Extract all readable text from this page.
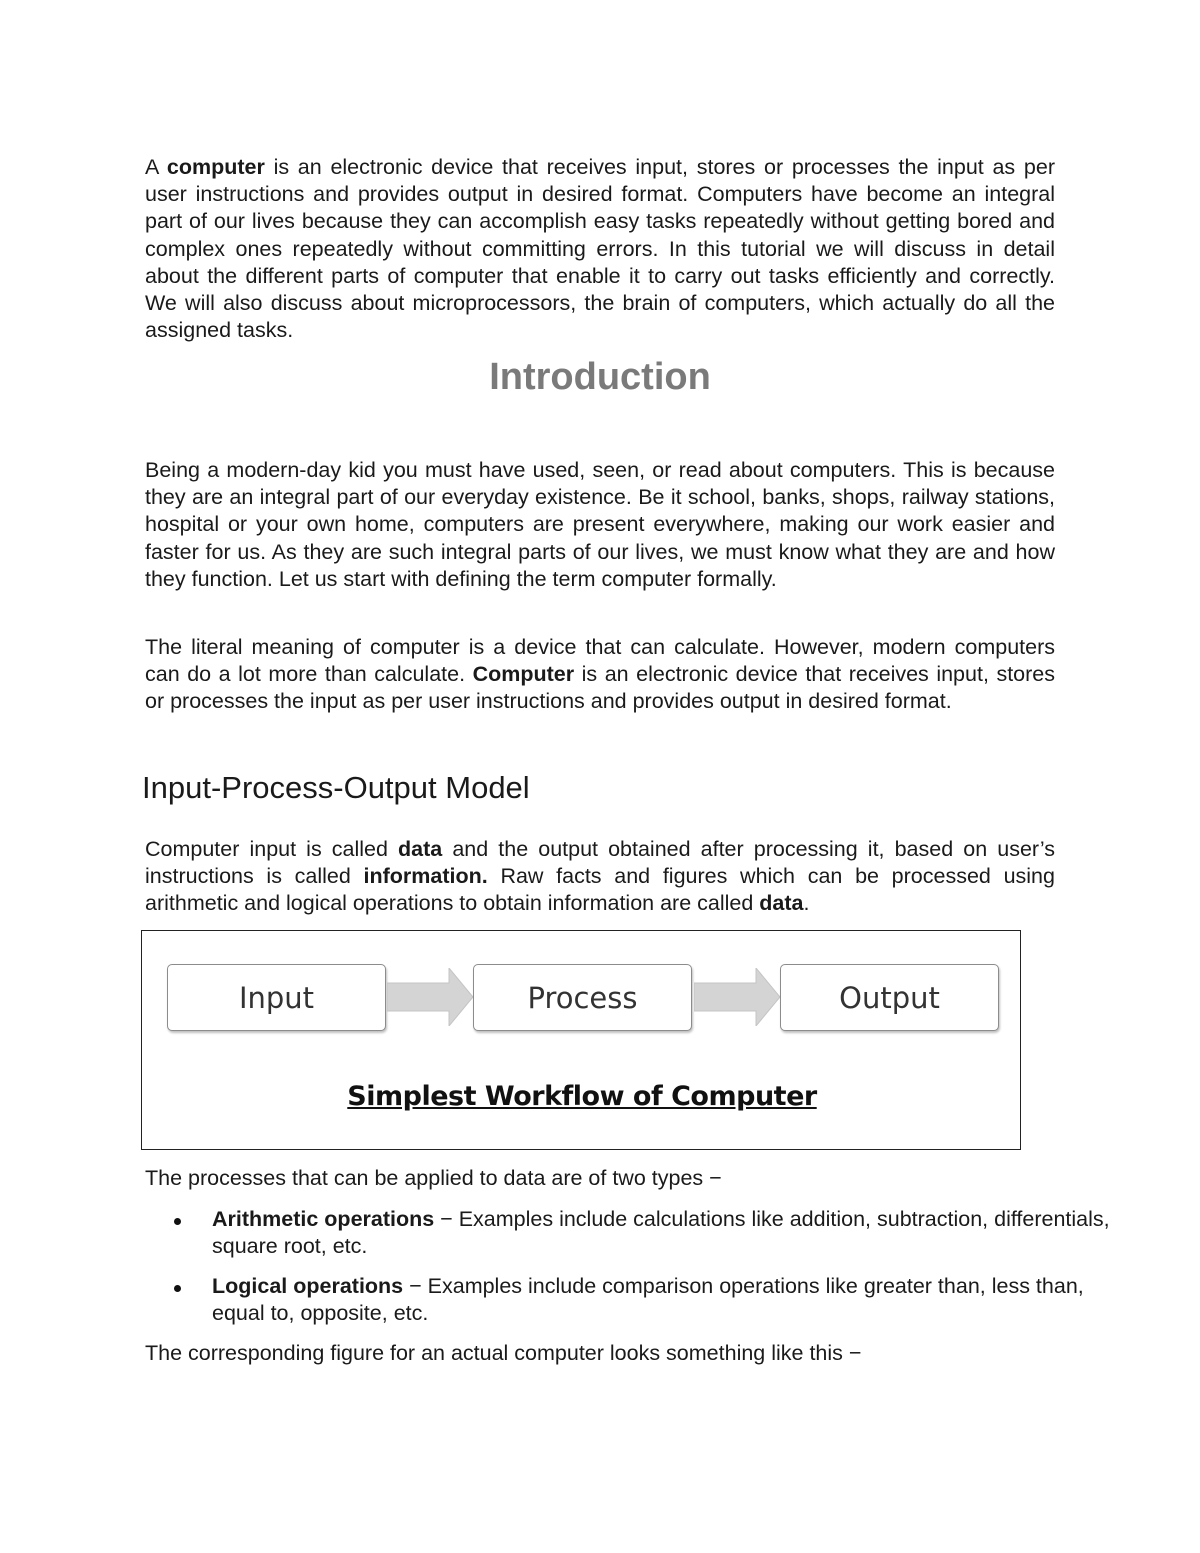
A computer is an electronic device that receives input, stores or processes the input as per user instructions and provides output in desired format. Computers have become an integral part of our lives because they can accomplish easy tasks repeatedly without getting bored and complex ones repeatedly without committing errors. In this tutorial we will discuss in detail about the different parts of computer that enable it to carry out tasks efficiently and correctly. We will also discuss about microprocessors, the brain of computers, which actually do all the assigned tasks.

Introduction

Being a modern-day kid you must have used, seen, or read about computers. This is because they are an integral part of our everyday existence. Be it school, banks, shops, railway stations, hospital or your own home, computers are present everywhere, making our work easier and faster for us. As they are such integral parts of our lives, we must know what they are and how they function. Let us start with defining the term computer formally.

The literal meaning of computer is a device that can calculate. However, modern computers can do a lot more than calculate. Computer is an electronic device that receives input, stores or processes the input as per user instructions and provides output in desired format.

Input-Process-Output Model

Computer input is called data and the output obtained after processing it, based on user’s instructions is called information. Raw facts and figures which can be processed using arithmetic and logical operations to obtain information are called data.

Input	Process	Output
Simplest Workflow of Computer

The processes that can be applied to data are of two types −

Arithmetic operations − Examples include calculations like addition, subtraction, differentials, square root, etc.
Logical operations − Examples include comparison operations like greater than, less than, equal to, opposite, etc.

The corresponding figure for an actual computer looks something like this −
